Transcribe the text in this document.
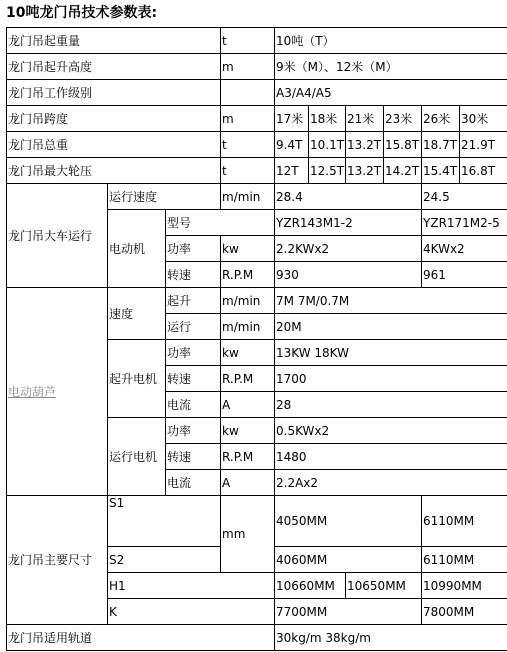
10吨龙门吊技术参数表:
龙门吊起重量			t	10吨（T）					
龙门吊起升高度			m	9米（M）、12米（M）					
龙门吊工作级别				A3/A4/A5					
龙门吊跨度			m	17米	18米	21米	23米	26米	30米
龙门吊总重			t	9.4T	10.1T	13.2T	15.8T	18.7T	21.9T
龙门吊最大轮压			t	12T	12.5T	13.2T	14.2T	15.4T	16.8T
龙门吊大车运行	运行速度		m/min	28.4				24.5	
	电动机	型号		YZR143M1-2				YZR171M2-5	
		功率	kw	2.2KWx2				4KWx2	
		转速	R.P.M	930				961	
电动葫芦	速度	起升	m/min	7M 7M/0.7M					
		运行	m/min	20M					
	起升电机	功率	kw	13KW 18KW					
		转速	R.P.M	1700					
		电流	A	28					
	运行电机	功率	kw	0.5KWx2					
		转速	R.P.M	1480					
		电流	A	2.2Ax2					
龙门吊主要尺寸	S1		mm	4050MM				6110MM	
	S2			4060MM				6110MM	
	H1			10660MM		10650MM		10990MM	
	K			7700MM				7800MM	
龙门吊适用轨道				30kg/m 38kg/m					
